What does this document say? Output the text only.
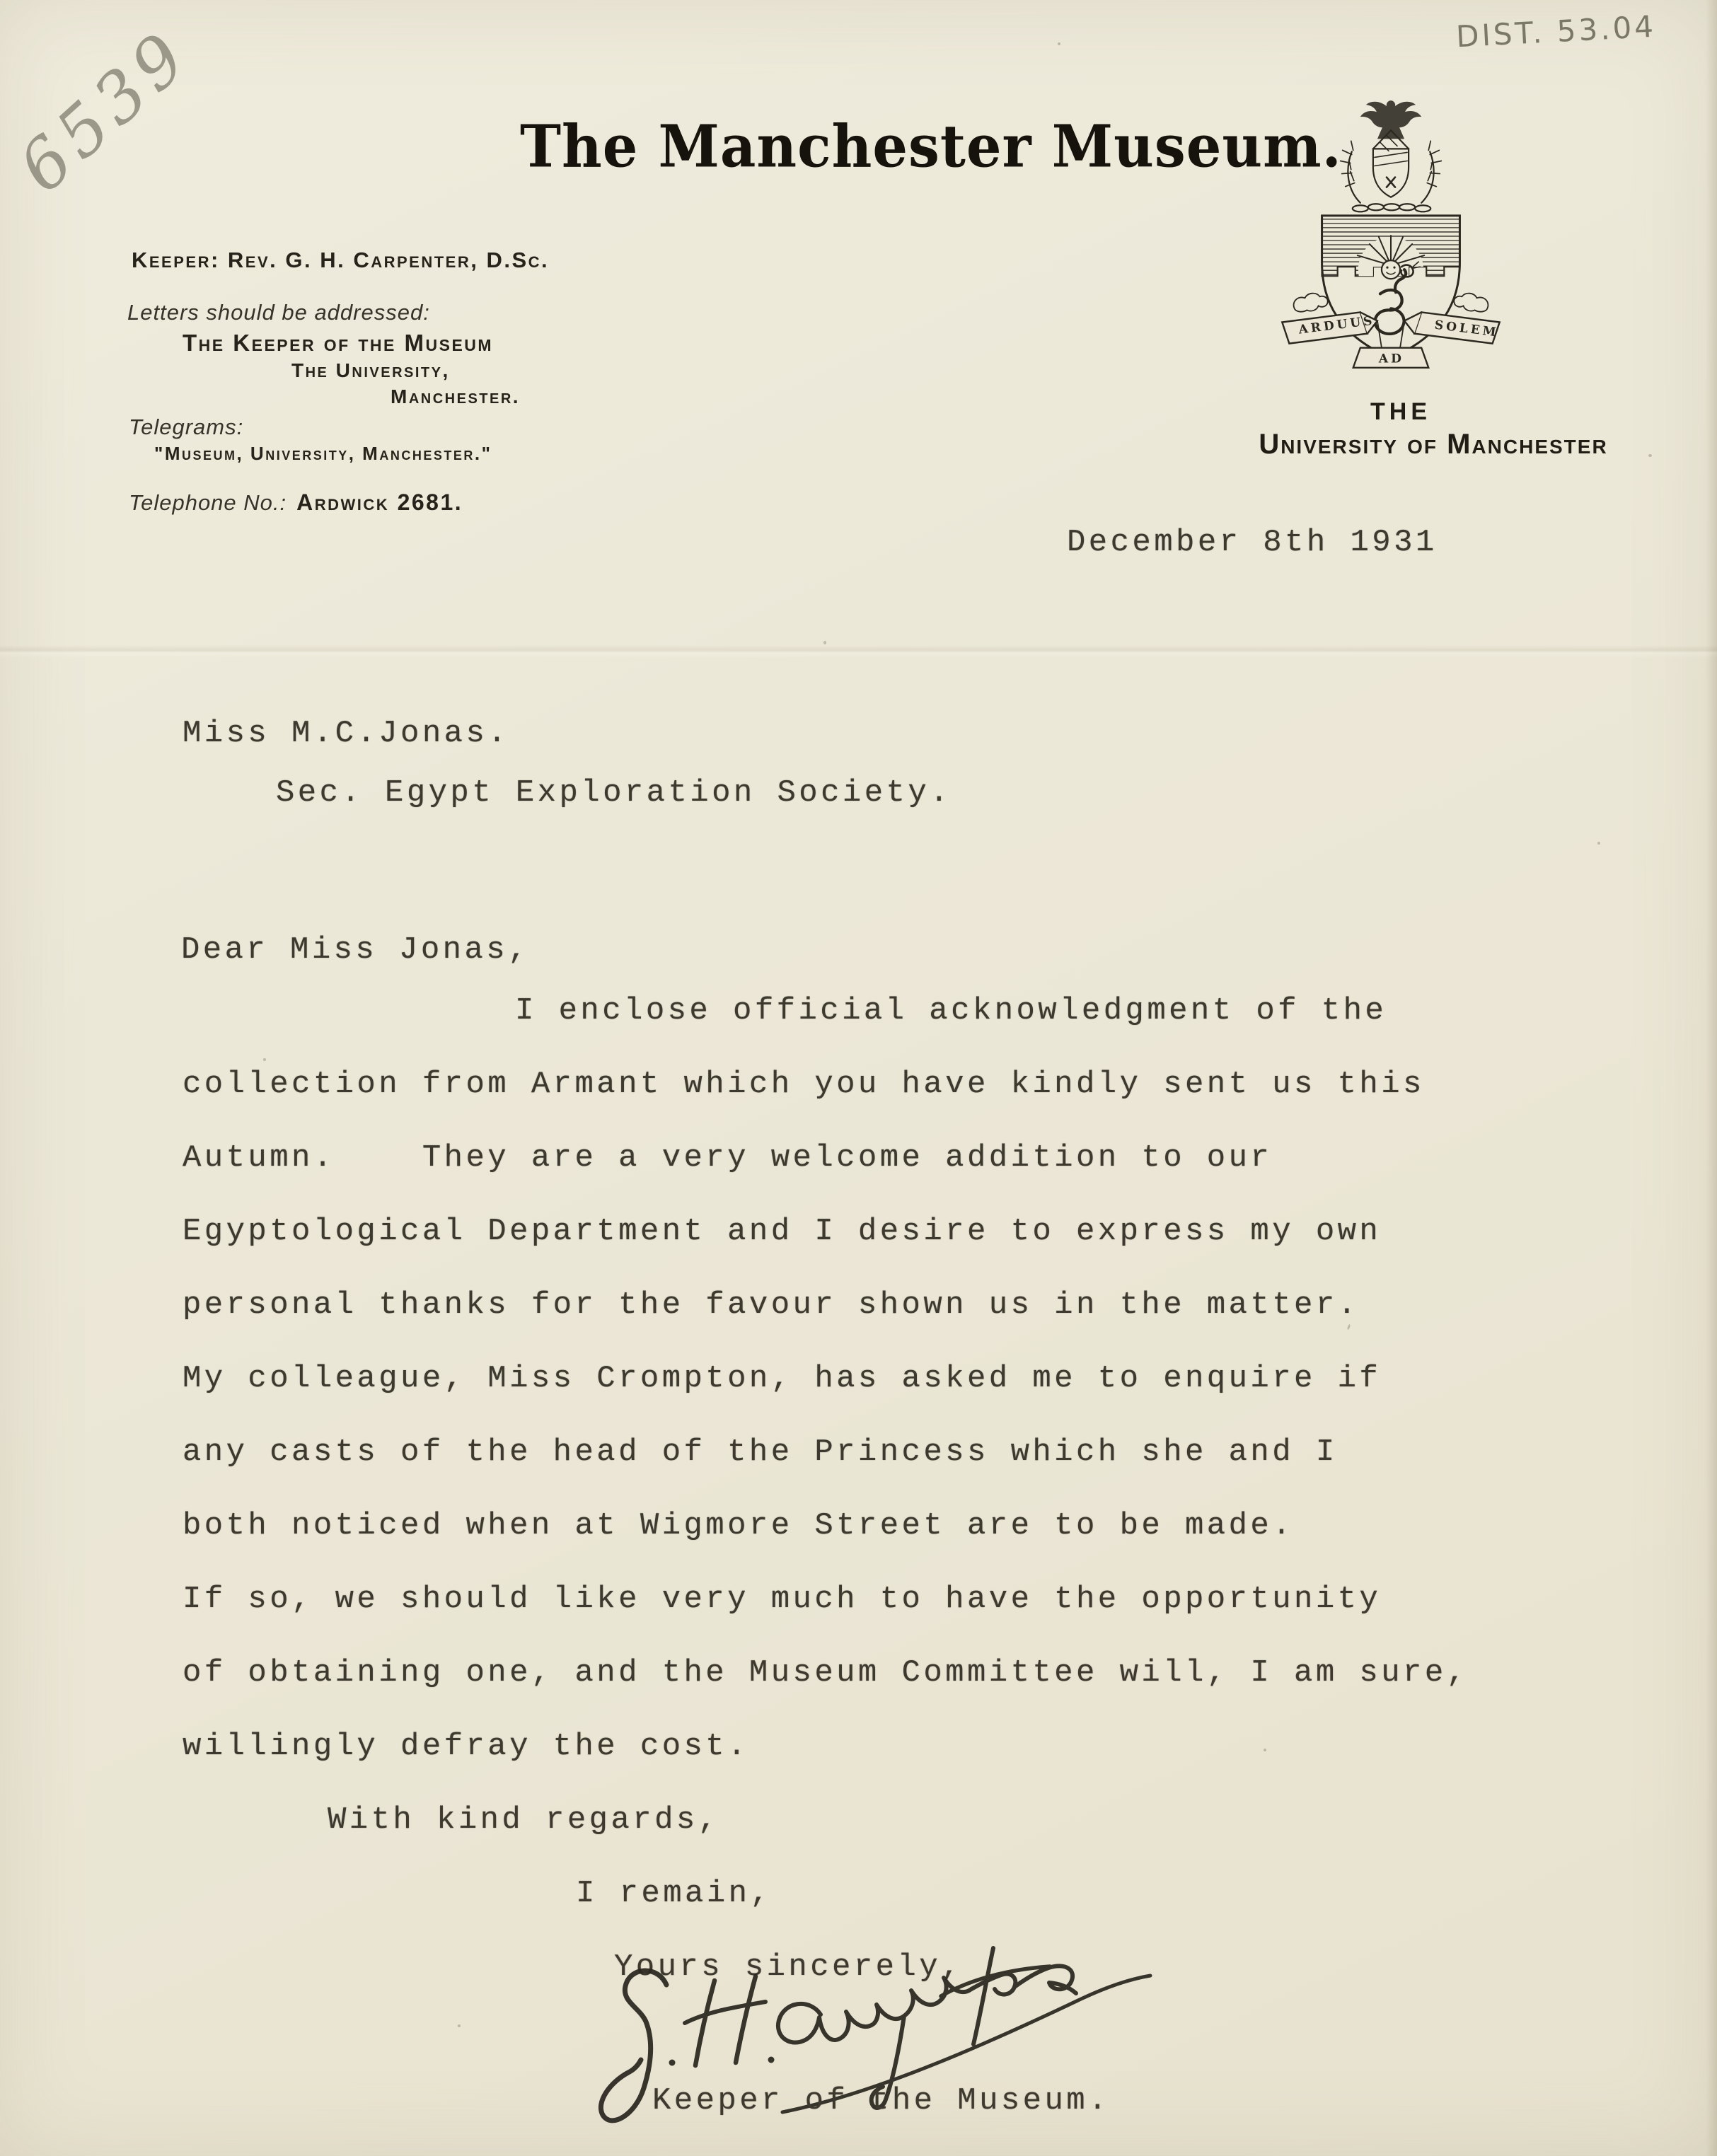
6539	DIST. 53.04
The Manchester Museum.
Keeper: Rev. G. H. Carpenter, D.Sc.
Letters should be addressed:
The Keeper of the Museum
The University,
Manchester.
Telegrams:
"Museum, University, Manchester."
Telephone No.: Ardwick 2681.
ARDUUS	SOLEM
AD
THE
University of Manchester
December 8th 1931
Miss M.C.Jonas.
Sec. Egypt Exploration Society.
Dear Miss Jonas,
I enclose official acknowledgment of the
collection from Armant which you have kindly sent us this
Autumn.    They are a very welcome addition to our
Egyptological Department and I desire to express my own
personal thanks for the favour shown us in the matter.
My colleague, Miss Crompton, has asked me to enquire if
any casts of the head of the Princess which she and I
both noticed when at Wigmore Street are to be made.
If so, we should like very much to have the opportunity
of obtaining one, and the Museum Committee will, I am sure,
willingly defray the cost.
With kind regards,
I remain,
Yours sincerely,
Keeper of the Museum.
